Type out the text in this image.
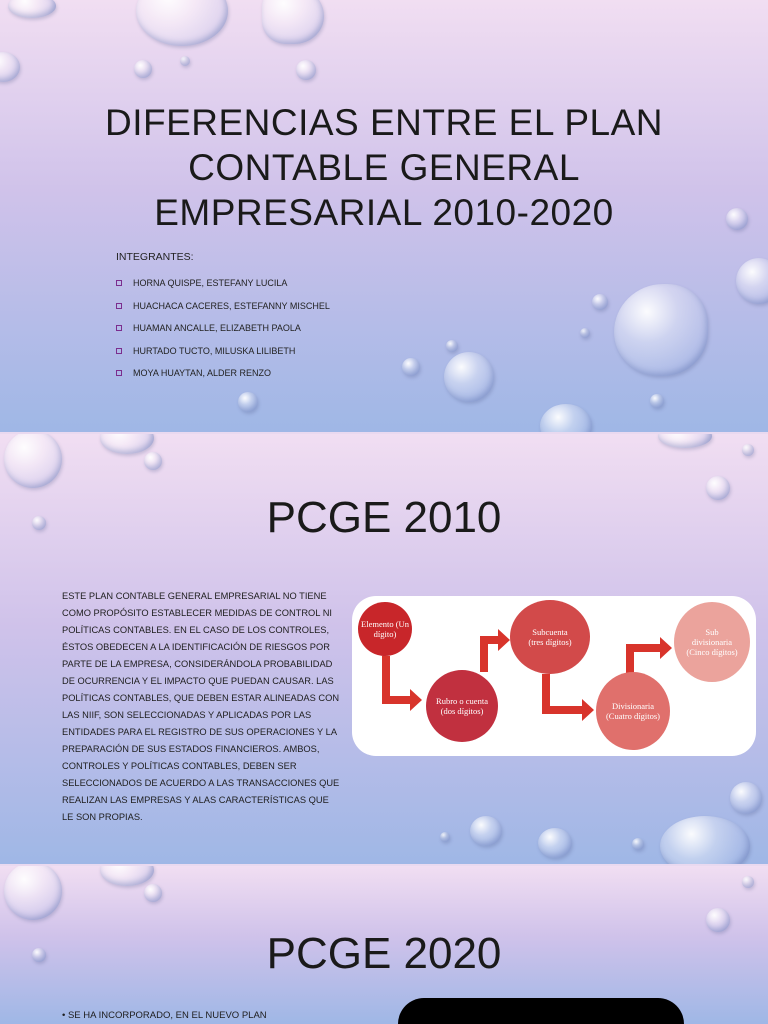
DIFERENCIAS ENTRE EL PLAN CONTABLE GENERAL EMPRESARIAL 2010-2020
INTEGRANTES:
HORNA QUISPE, ESTEFANY LUCILA
HUACHACA CACERES, ESTEFANNY MISCHEL
HUAMAN ANCALLE, ELIZABETH PAOLA
HURTADO TUCTO, MILUSKA LILIBETH
MOYA HUAYTAN, ALDER RENZO
PCGE 2010

ESTE PLAN CONTABLE GENERAL EMPRESARIAL NO TIENE COMO PROPÓSITO ESTABLECER MEDIDAS DE CONTROL NI POLÍTICAS CONTABLES. EN EL CASO DE LOS CONTROLES, ÉSTOS OBEDECEN A LA IDENTIFICACIÓN DE RIESGOS POR PARTE DE LA EMPRESA, CONSIDERÁNDOLA PROBABILIDAD DE OCURRENCIA Y EL IMPACTO QUE PUEDAN CAUSAR. LAS POLÍTICAS CONTABLES, QUE DEBEN ESTAR ALINEADAS CON LAS NIIF, SON SELECCIONADAS Y APLICADAS POR LAS ENTIDADES PARA EL REGISTRO DE SUS OPERACIONES Y LA PREPARACIÓN DE SUS ESTADOS FINANCIEROS. AMBOS, CONTROLES Y POLÍTICAS CONTABLES, DEBEN SER SELECCIONADOS DE ACUERDO A LAS TRANSACCIONES QUE REALIZAN LAS EMPRESAS Y ALAS CARACTERÍSTICAS QUE LE SON PROPIAS.

Elemento (Un dígito)
Rubro o cuenta (dos dígitos)
Subcuenta (tres dígitos)
Divisionaria (Cuatro dígitos)
Sub divisionaria (Cinco dígitos)
PCGE 2020
• SE HA INCORPORADO, EN EL NUEVO PLAN
